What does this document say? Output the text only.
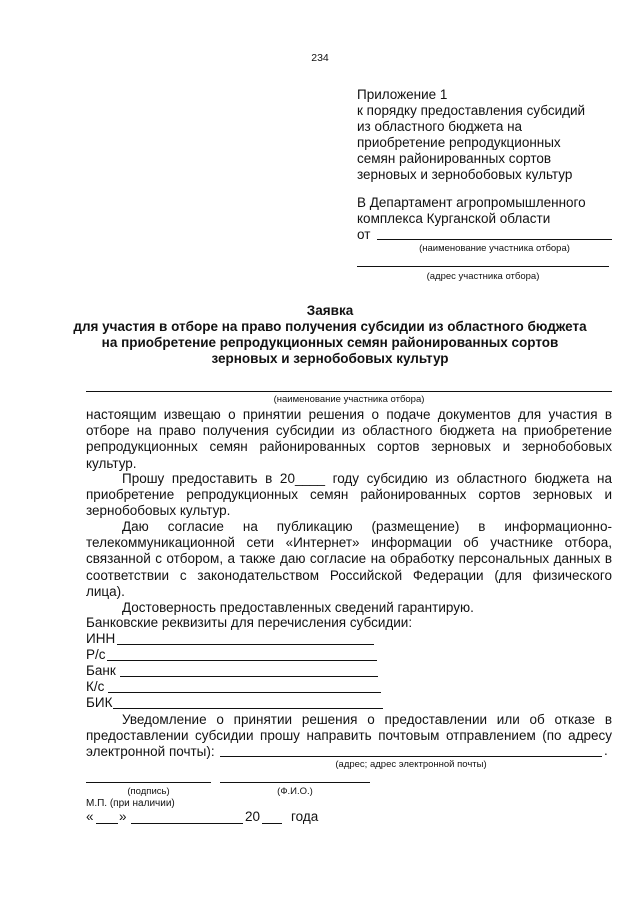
234
Приложение 1
к порядку предоставления субсидий
из областного бюджета на
приобретение репродукционных
семян районированных сортов
зерновых и зернобобовых культур
В Департамент агропромышленного
комплекса Курганской области
от
(наименование участника отбора)
(адрес участника отбора)
Заявка
для участия в отборе на право получения субсидии из областного бюджета
на приобретение репродукционных семян районированных сортов
зерновых и зернобобовых культур
(наименование участника отбора)
настоящим извещаю о принятии решения о подаче документов для участия в отборе на право получения субсидии из областного бюджета на приобретение репродукционных семян районированных сортов зерновых и зернобобовых культур.
Прошу предоставить в 20____ году субсидию из областного бюджета на приобретение репродукционных семян районированных сортов зерновых и зернобобовых культур.
Даю согласие на публикацию (размещение) в информационно-телекоммуникационной сети «Интернет» информации об участнике отбора, связанной с отбором, а также даю согласие на обработку персональных данных в соответствии с законодательством Российской Федерации (для физического лица).
Достоверность предоставленных сведений гарантирую.
Банковские реквизиты для перечисления субсидии:
ИНН
Р/с
Банк
К/с
БИК
Уведомление о принятии решения о предоставлении или об отказе в предоставлении субсидии прошу направить почтовым отправлением (по адресу электронной почты):	.
(адрес; адрес электронной почты)
(подпись)	(Ф.И.О.)
М.П. (при наличии)
« »	20 года
